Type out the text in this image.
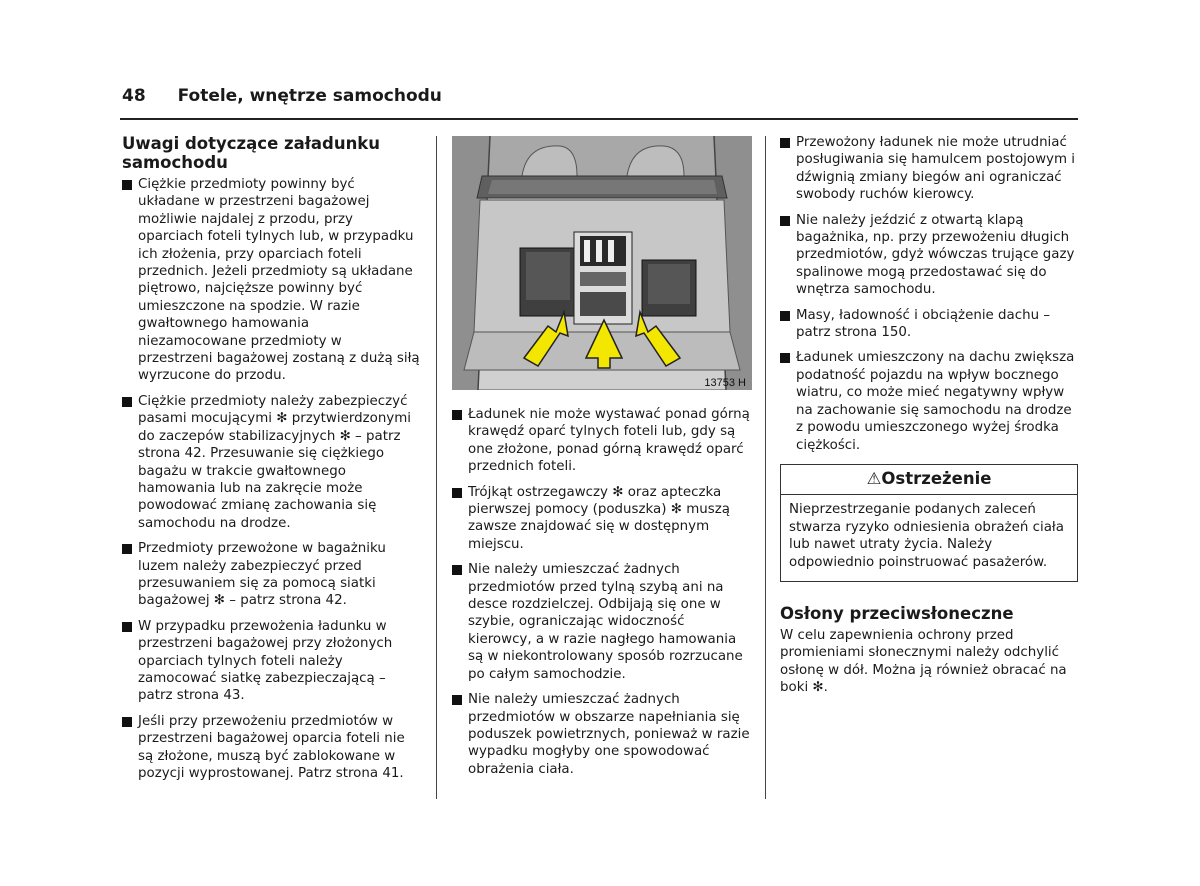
48 Fotele, wnętrze samochodu
Uwagi dotyczące załadunku samochodu
Ciężkie przedmioty powinny być układane w przestrzeni bagażowej możliwie najdalej z przodu, przy oparciach foteli tylnych lub, w przypadku ich złożenia, przy oparciach foteli przednich. Jeżeli przedmioty są układane piętrowo, najcięższe powinny być umieszczone na spodzie. W razie gwałtownego hamowania niezamocowane przedmioty w przestrzeni bagażowej zostaną z dużą siłą wyrzucone do przodu.
Ciężkie przedmioty należy zabezpieczyć pasami mocującymi ✻ przytwierdzonymi do zaczepów stabilizacyjnych ✻ – patrz strona 42. Przesuwanie się ciężkiego bagażu w trakcie gwałtownego hamowania lub na zakręcie może powodować zmianę zachowania się samochodu na drodze.
Przedmioty przewożone w bagażniku luzem należy zabezpieczyć przed przesuwaniem się za pomocą siatki bagażowej ✻ – patrz strona 42.
W przypadku przewożenia ładunku w przestrzeni bagażowej przy złożonych oparciach tylnych foteli należy zamocować siatkę zabezpieczającą – patrz strona 43.
Jeśli przy przewożeniu przedmiotów w przestrzeni bagażowej oparcia foteli nie są złożone, muszą być zablokowane w pozycji wyprostowanej. Patrz strona 41.
13753 H
Ładunek nie może wystawać ponad górną krawędź oparć tylnych foteli lub, gdy są one złożone, ponad górną krawędź oparć przednich foteli.
Trójkąt ostrzegawczy ✻ oraz apteczka pierwszej pomocy (poduszka) ✻ muszą zawsze znajdować się w dostępnym miejscu.
Nie należy umieszczać żadnych przedmiotów przed tylną szybą ani na desce rozdzielczej. Odbijają się one w szybie, ograniczając widoczność kierowcy, a w razie nagłego hamowania są w niekontrolowany sposób rozrzucane po całym samochodzie.
Nie należy umieszczać żadnych przedmiotów w obszarze napełniania się poduszek powietrznych, ponieważ w razie wypadku mogłyby one spowodować obrażenia ciała.
Przewożony ładunek nie może utrudniać posługiwania się hamulcem postojowym i dźwignią zmiany biegów ani ograniczać swobody ruchów kierowcy.
Nie należy jeździć z otwartą klapą bagażnika, np. przy przewożeniu długich przedmiotów, gdyż wówczas trujące gazy spalinowe mogą przedostawać się do wnętrza samochodu.
Masy, ładowność i obciążenie dachu – patrz strona 150.
Ładunek umieszczony na dachu zwiększa podatność pojazdu na wpływ bocznego wiatru, co może mieć negatywny wpływ na zachowanie się samochodu na drodze z powodu umieszczonego wyżej środka ciężkości.
⚠Ostrzeżenie
Nieprzestrzeganie podanych zaleceń stwarza ryzyko odniesienia obrażeń ciała lub nawet utraty życia. Należy odpowiednio poinstruować pasażerów.
Osłony przeciwsłoneczne

W celu zapewnienia ochrony przed promieniami słonecznymi należy odchylić osłonę w dół. Można ją również obracać na boki ✻.
